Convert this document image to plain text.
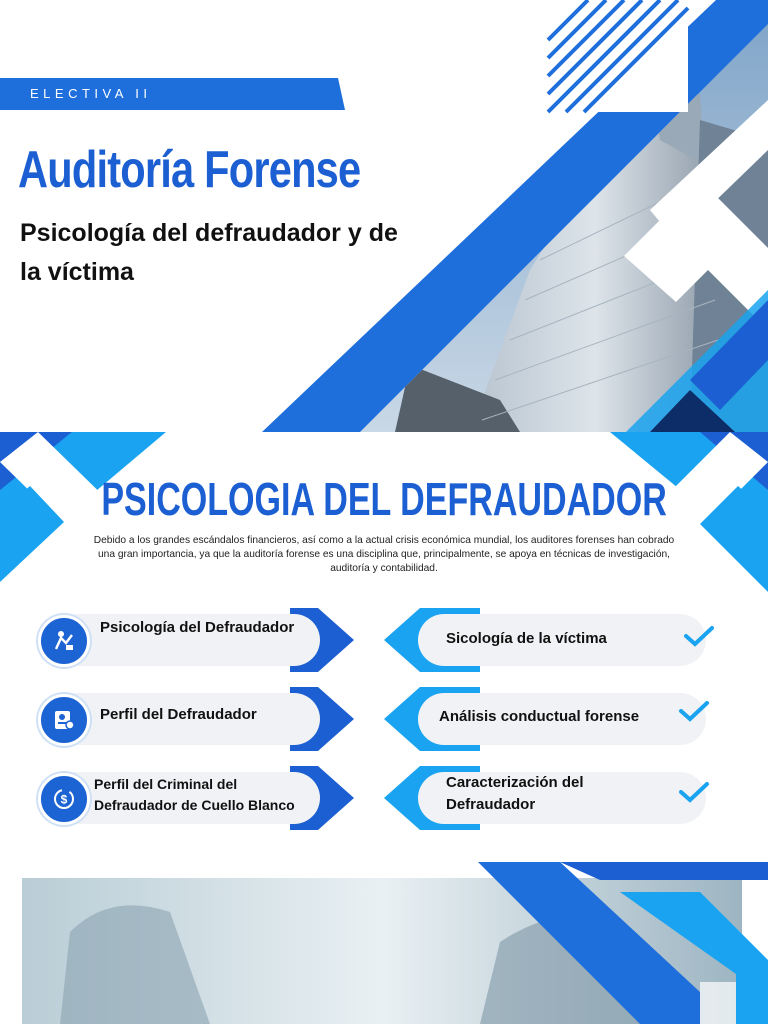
ELECTIVA II
Auditoría Forense

Psicología del defraudador y de la víctima

PSICOLOGIA DEL DEFRAUDADOR

Debido a los grandes escándalos financieros, así como a la actual crisis económica mundial, los auditores forenses han cobrado una gran importancia, ya que la auditoría forense es una disciplina que, principalmente, se apoya en técnicas de investigación, auditoría y contabilidad.

Psicología del Defraudador
Perfil del Defraudador
$
Perfil del Criminal del Defraudador de Cuello Blanco
Sicología de la víctima
Análisis conductual forense
Caracterización del Defraudador
